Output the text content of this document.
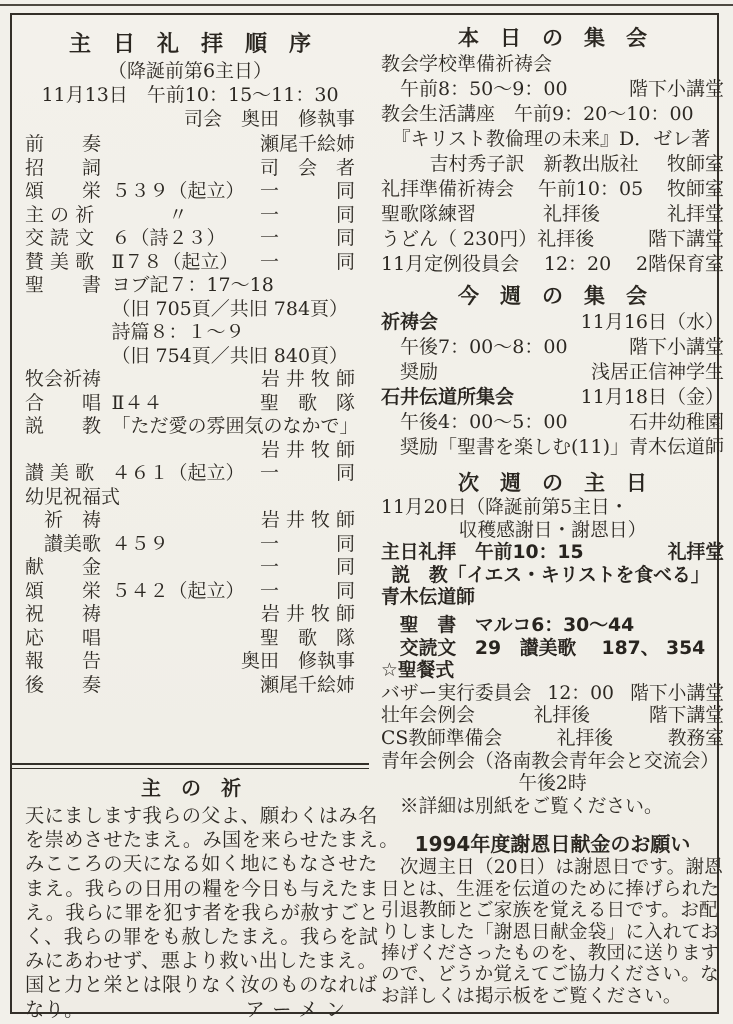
主　日　礼　拝　順　序
（降誕前第6主日）
11月13日　午前10：15～11：30
司会　奥田　修執事
前　　奏	瀬尾千絵姉
招　　詞	司　会　者
頌　　栄 ５３９（起立） 一　　　同
主 の 祈 　　　〃	一　　　同
交 読 文 ６（詩２３）	一　　　同
賛 美 歌 Ⅱ７８（起立）	一　　　同
聖　　書 ヨブ記７：17～18
（旧 705頁／共旧 784頁）
詩篇８：１～９
（旧 754頁／共旧 840頁）
牧会祈祷	岩 井 牧 師
合　　唱 Ⅱ４４	聖　歌　隊
説　　教 「ただ愛の雰囲気のなかで」
岩 井 牧 師
讃 美 歌 ４６１（起立） 一　　　同
幼児祝福式
　祈　祷	岩 井 牧 師
　讃美歌 ４５９	一　　　同
献　　金	一　　　同
頌　　栄 ５４２（起立） 一　　　同
祝　　祷	岩 井 牧 師
応　　唱	聖　歌　隊
報　　告	奥田　修執事
後　　奏	瀬尾千絵姉
主　の　祈
天にまします我らの父よ、願わくはみ名
を崇めさせたまえ。み国を来らせたまえ。
みこころの天になる如く地にもなさせた
まえ。我らの日用の糧を今日も与えたま
え。我らに罪を犯す者を我らが赦すごと
く、我らの罪をも赦したまえ。我らを試
みにあわせず、悪より救い出したまえ。
国と力と栄とは限りなく汝のものなれば
なり。	アーメン
本　日　の　集　会
教会学校準備祈祷会
午前8：50～9：00	階下小講堂
教会生活講座　午前9：20～10：00
『キリスト教倫理の未来』D．ゼレ著
吉村秀子訳　新教出版社 牧師室
礼拝準備祈祷会	午前10：05	牧師室
聖歌隊練習	礼拝後	礼拝堂
うどん（ 230円）礼拝後	階下講堂
11月定例役員会	12：20	2階保育室
今　週　の　集　会
祈祷会	11月16日（水）
午後7：00～8：00	階下小講堂
奨励	浅居正信神学生
石井伝道所集会	11月18日（金）
午後4：00～5：00	石井幼稚園
奨励「聖書を楽しむ(11)」 青木伝道師
次　週　の　主　日
11月20日（降誕前第5主日・
収穫感謝日・謝恩日）
主日礼拝　午前10：15	礼拝堂
説　教「イエス・キリストを食べる」
青木伝道師
聖　書　マルコ6：30～44
交読文　29　讃美歌　 187、 354
☆聖餐式
バザー実行委員会 12：00 階下小講堂
壮年会例会	礼拝後	階下講堂
CS教師準備会	礼拝後	教務室
青年会例会（洛南教会青年会と交流会）
午後2時
※詳細は別紙をご覧ください。
1994年度謝恩日献金のお願い
　次週主日（20日）は謝恩日です。謝恩
日とは、生涯を伝道のために捧げられた
引退教師とご家族を覚える日です。お配
りしました「謝恩日献金袋」に入れてお
捧げくださったものを、教団に送ります
ので、どうか覚えてご協力ください。な
お詳しくは掲示板をご覧ください。
